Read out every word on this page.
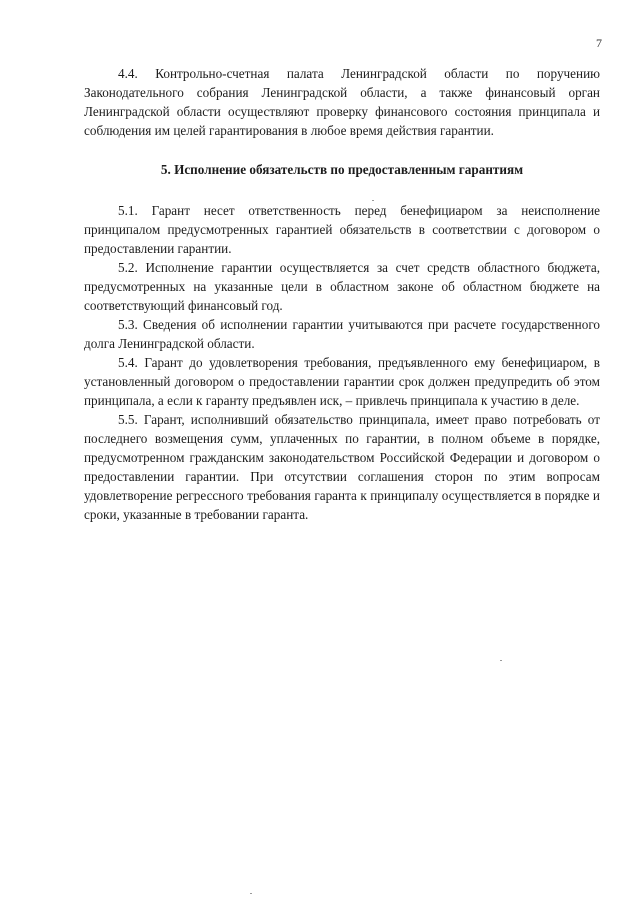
7

4.4. Контрольно-счетная палата Ленинградской области по поручению Законодательного собрания Ленинградской области, а также финансовый орган Ленинградской области осуществляют проверку финансового состояния принципала и соблюдения им целей гарантирования в любое время действия гарантии.

5. Исполнение обязательств по предоставленным гарантиям

5.1. Гарант несет ответственность перед бенефициаром за неисполнение принципалом предусмотренных гарантией обязательств в соответствии с договором о предоставлении гарантии.

5.2. Исполнение гарантии осуществляется за счет средств областного бюджета, предусмотренных на указанные цели в областном законе об областном бюджете на соответствующий финансовый год.

5.3. Сведения об исполнении гарантии учитываются при расчете государственного долга Ленинградской области.

5.4. Гарант до удовлетворения требования, предъявленного ему бенефициаром, в установленный договором о предоставлении гарантии срок должен предупредить об этом принципала, а если к гаранту предъявлен иск, – привлечь принципала к участию в деле.

5.5. Гарант, исполнивший обязательство принципала, имеет право потребовать от последнего возмещения сумм, уплаченных по гарантии, в полном объеме в порядке, предусмотренном гражданским законодательством Российской Федерации и договором о предоставлении гарантии. При отсутствии соглашения сторон по этим вопросам удовлетворение регрессного требования гаранта к принципалу осуществляется в порядке и сроки, указанные в требовании гаранта.
